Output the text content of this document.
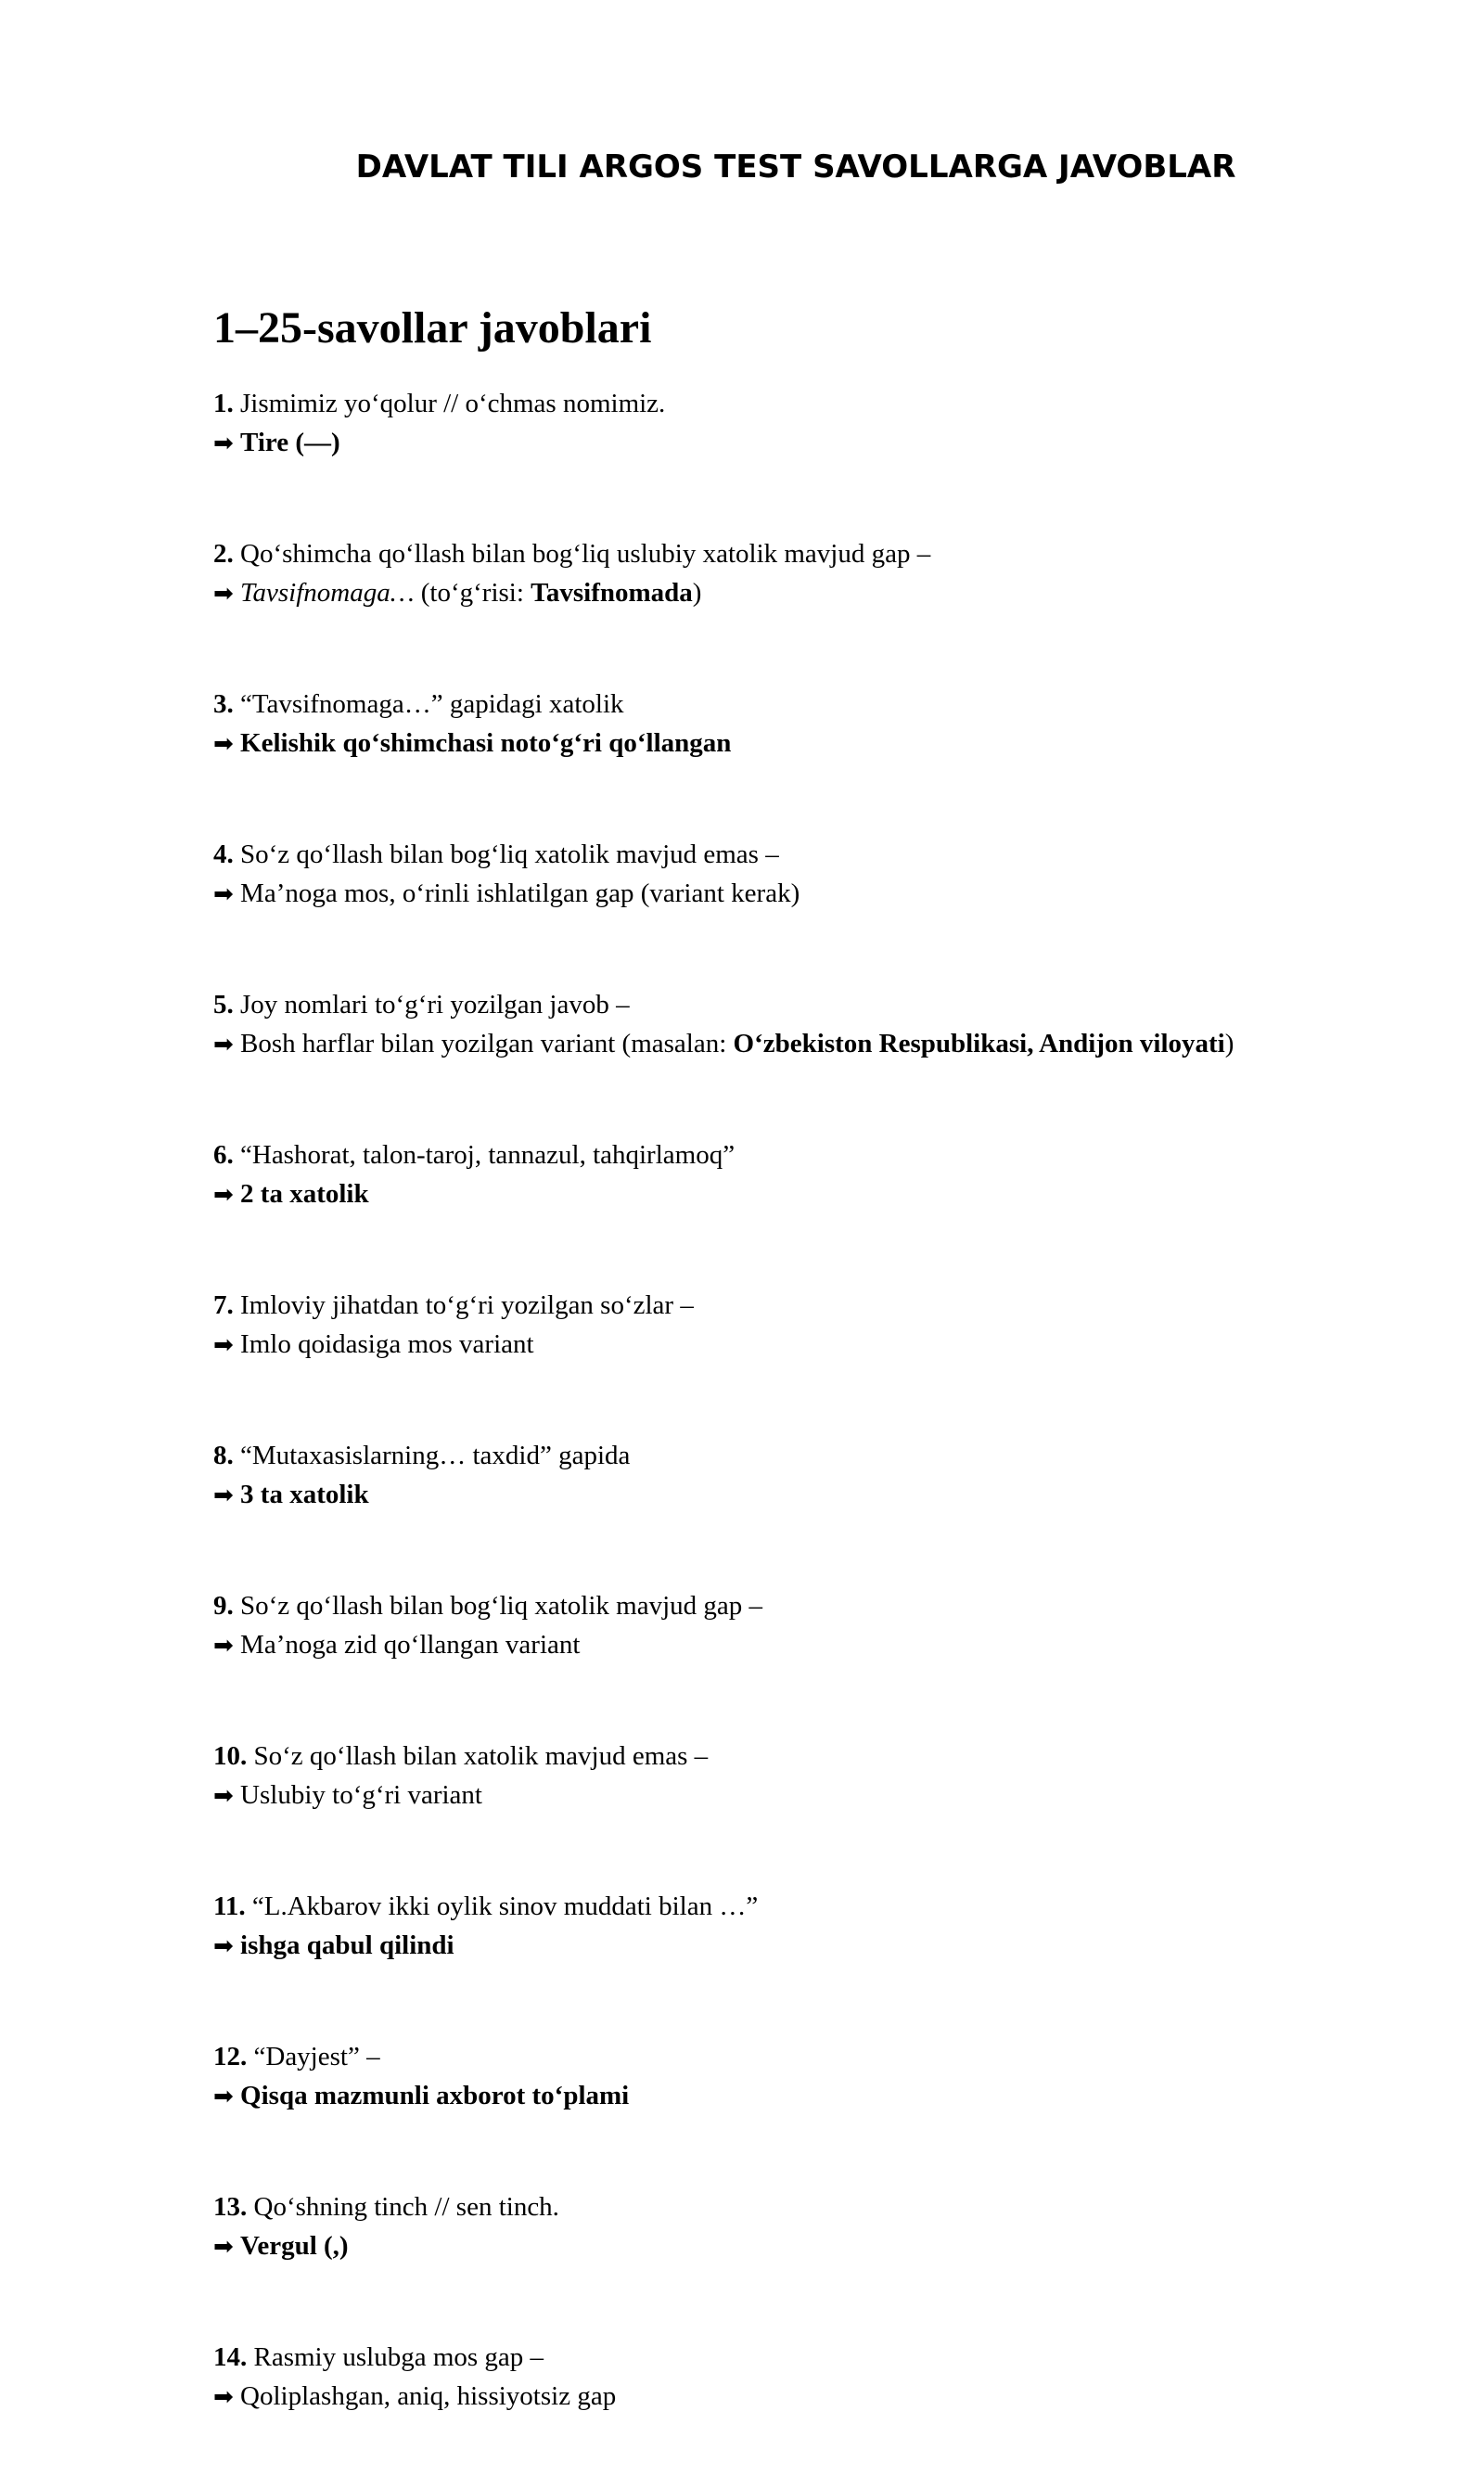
DAVLAT TILI ARGOS TEST SAVOLLARGA JAVOBLAR
1–25-savollar javoblari
1. Jismimiz yo‘qolur // o‘chmas nomimiz.
➡ Tire (—)
2. Qo‘shimcha qo‘llash bilan bog‘liq uslubiy xatolik mavjud gap –
➡ Tavsifnomaga… (to‘g‘risi: Tavsifnomada)
3. “Tavsifnomaga…” gapidagi xatolik
➡ Kelishik qo‘shimchasi noto‘g‘ri qo‘llangan
4. So‘z qo‘llash bilan bog‘liq xatolik mavjud emas –
➡ Ma’noga mos, o‘rinli ishlatilgan gap (variant kerak)
5. Joy nomlari to‘g‘ri yozilgan javob –
➡ Bosh harflar bilan yozilgan variant (masalan: O‘zbekiston Respublikasi, Andijon viloyati)
6. “Hashorat, talon-taroj, tannazul, tahqirlamoq”
➡ 2 ta xatolik
7. Imloviy jihatdan to‘g‘ri yozilgan so‘zlar –
➡ Imlo qoidasiga mos variant
8. “Mutaxasislarning… taxdid” gapida
➡ 3 ta xatolik
9. So‘z qo‘llash bilan bog‘liq xatolik mavjud gap –
➡ Ma’noga zid qo‘llangan variant
10. So‘z qo‘llash bilan xatolik mavjud emas –
➡ Uslubiy to‘g‘ri variant
11. “L.Akbarov ikki oylik sinov muddati bilan …”
➡ ishga qabul qilindi
12. “Dayjest” –
➡ Qisqa mazmunli axborot to‘plami
13. Qo‘shning tinch // sen tinch.
➡ Vergul (,)
14. Rasmiy uslubga mos gap –
➡ Qoliplashgan, aniq, hissiyotsiz gap
